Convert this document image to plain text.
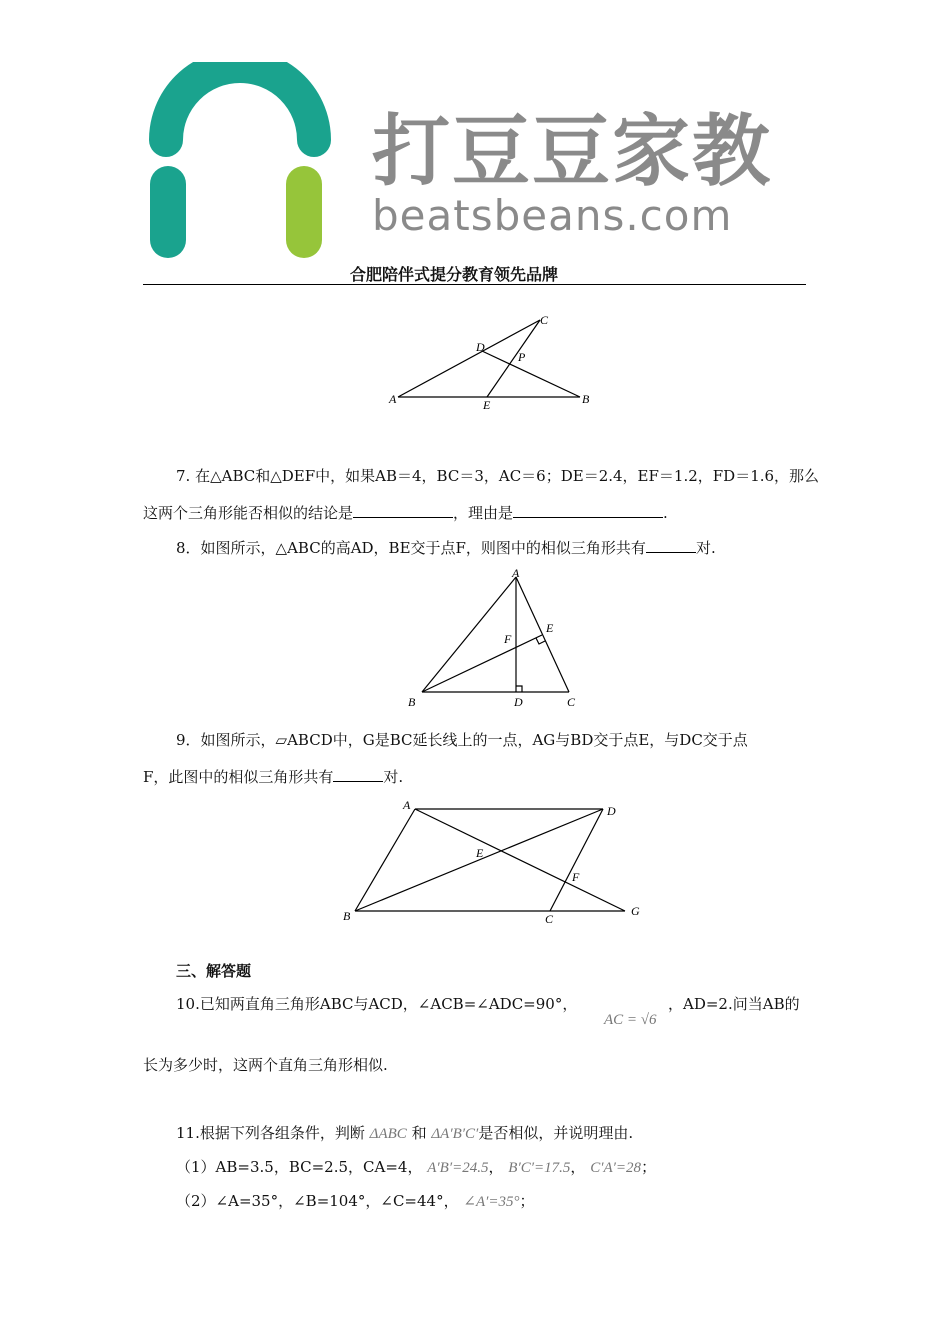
打豆豆家教
beatsbeans.com
合肥陪伴式提分教育领先品牌
A	B
C
D
E
P
7. 在△ABC和△DEF中，如果AB＝4，BC＝3，AC＝6；DE＝2.4，EF＝1.2，FD＝1.6，那么
这两个三角形能否相似的结论是	，理由是	.
8．如图所示，△ABC的高AD，BE交于点F，则图中的相似三角形共有	对.
A
B	C
D
E
F
9．如图所示，▱ABCD中，G是BC延长线上的一点，AG与BD交于点E，与DC交于点
F，此图中的相似三角形共有	对.
A
B	C
D
E
F
G
三、解答题
10.已知两直角三角形ABC与ACD，∠ACB=∠ADC=90°，
AC = √6
，AD=2.问当AB的
长为多少时，这两个直角三角形相似.
11.根据下列各组条件，判断 ΔABC 和 ΔA′B′C′是否相似，并说明理由.
（1）AB=3.5，BC=2.5，CA=4， A′B′=24.5， B′C′=17.5， C′A′=28；
（2）∠A=35°，∠B=104°，∠C=44°， ∠A′=35°；
